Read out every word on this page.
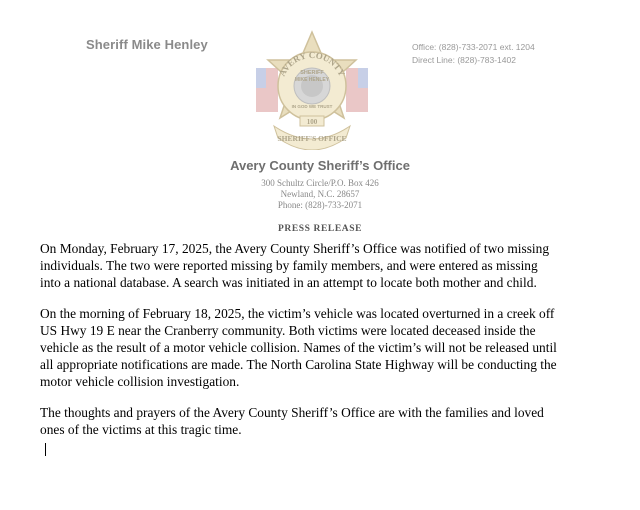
Sheriff Mike Henley	Office: (828)-733-2071 ext. 1204
Direct Line: (828)-783-1402
AVERY COUNTY
SHERIFF
MIKE HENLEY
IN GOD WE TRUST
100
SHERIFF'S OFFICE
Avery County Sheriff’s Office
300 Schultz Circle/P.O. Box 426
Newland, N.C. 28657
Phone: (828)-733-2071
PRESS RELEASE
On Monday, February 17, 2025, the Avery County Sheriff’s Office was notified of two missing
individuals. The two were reported missing by family members, and were entered as missing
into a national database. A search was initiated in an attempt to locate both mother and child.
On the morning of February 18, 2025, the victim’s vehicle was located overturned in a creek off
US Hwy 19 E near the Cranberry community. Both victims were located deceased inside the
vehicle as the result of a motor vehicle collision. Names of the victim’s will not be released until
all appropriate notifications are made. The North Carolina State Highway will be conducting the
motor vehicle collision investigation.
The thoughts and prayers of the Avery County Sheriff’s Office are with the families and loved
ones of the victims at this tragic time.
